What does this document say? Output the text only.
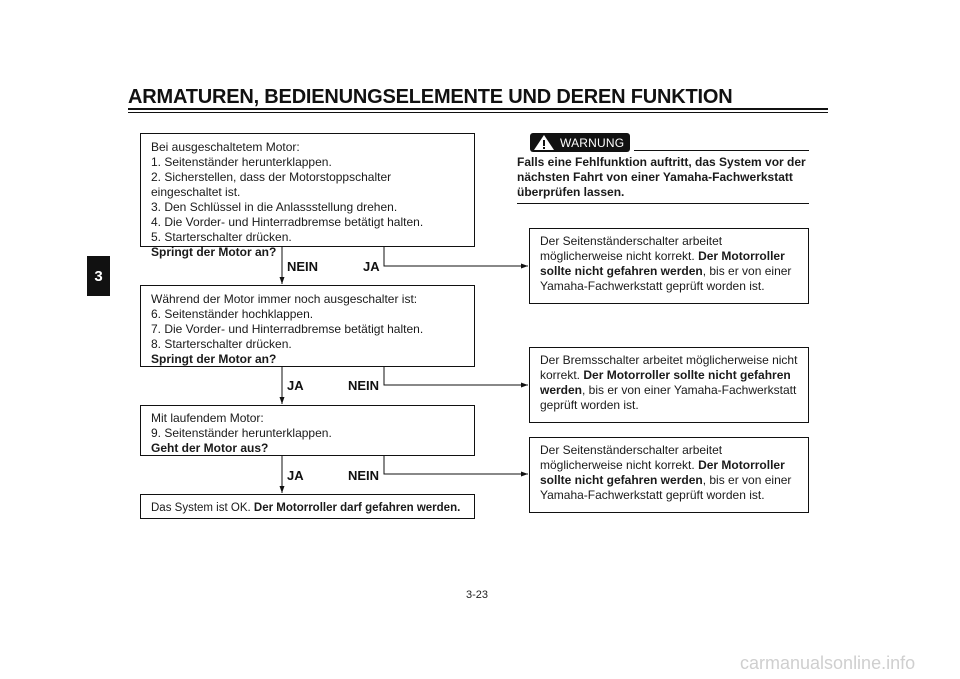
ARMATUREN, BEDIENUNGSELEMENTE UND DEREN FUNKTION
3
Bei ausgeschaltetem Motor:
1. Seitenständer herunterklappen.
2. Sicherstellen, dass der Motorstoppschalter eingeschaltet ist.
3. Den Schlüssel in die Anlassstellung drehen.
4. Die Vorder- und Hinterradbremse betätigt halten.
5. Starterschalter drücken.
Springt der Motor an?
Während der Motor immer noch ausgeschalter ist:
6. Seitenständer hochklappen.
7. Die Vorder- und Hinterradbremse betätigt halten.
8. Starterschalter drücken.
Springt der Motor an?
Mit laufendem Motor:
9. Seitenständer herunterklappen.
Geht der Motor aus?
Das System ist OK. Der Motorroller darf gefahren werden.
NEIN	JA
JA	NEIN
JA	NEIN
WARNUNG
Falls eine Fehlfunktion auftritt, das System vor der nächsten Fahrt von einer Yamaha-Fachwerkstatt überprüfen lassen.
Der Seitenständerschalter arbeitet möglicherweise nicht korrekt. Der Motorroller sollte nicht gefahren werden, bis er von einer Yamaha-Fachwerkstatt geprüft worden ist.
Der Bremsschalter arbeitet möglicherweise nicht korrekt. Der Motorroller sollte nicht gefahren werden, bis er von einer Yamaha-Fachwerkstatt geprüft worden ist.
Der Seitenständerschalter arbeitet möglicherweise nicht korrekt. Der Motorroller sollte nicht gefahren werden, bis er von einer Yamaha-Fachwerkstatt geprüft worden ist.
3-23
carmanualsonline.info
